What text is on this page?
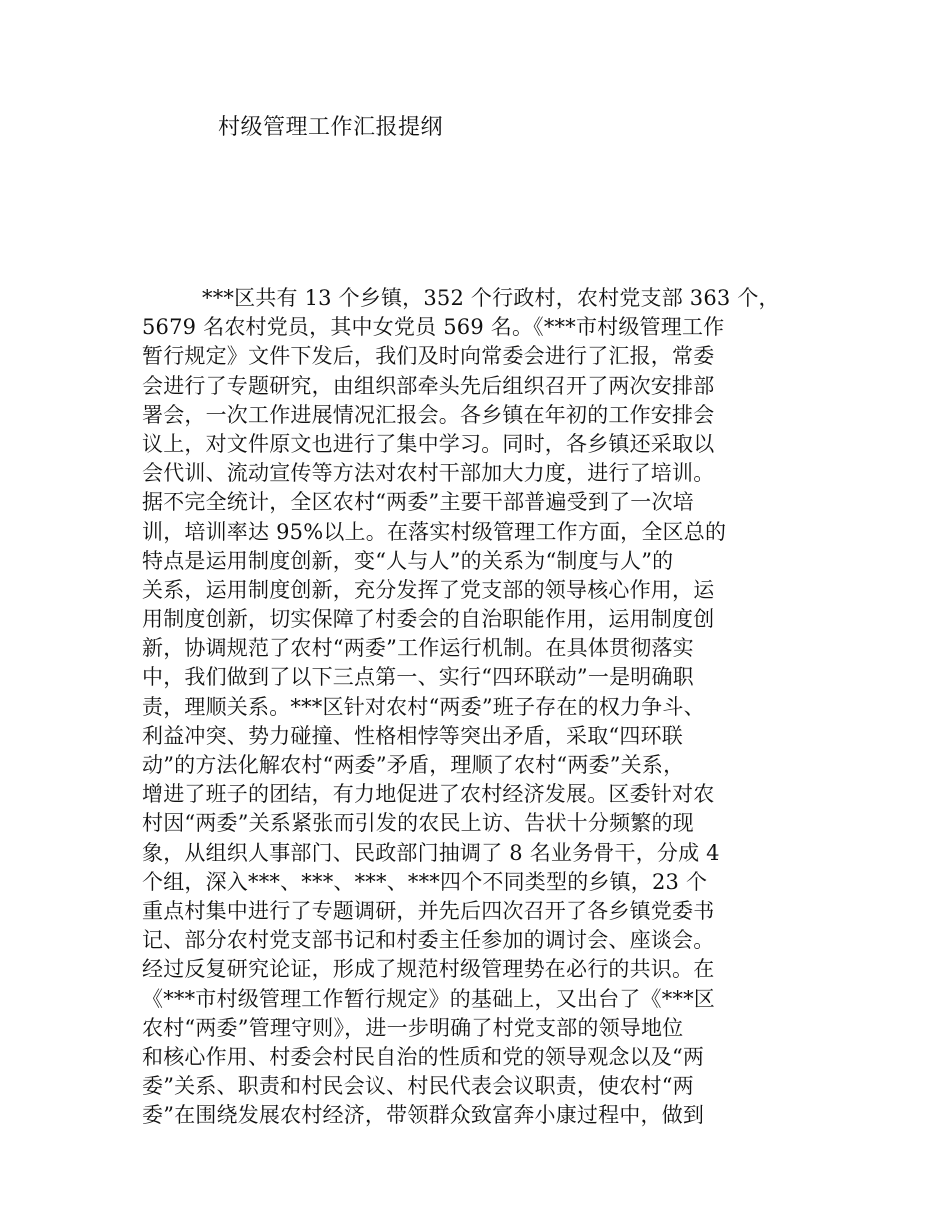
村级管理工作汇报提纲
***区共有 13 个乡镇，352 个行政村，农村党支部 363 个，
5679 名农村党员，其中女党员 569 名。《***市村级管理工作
暂行规定》文件下发后，我们及时向常委会进行了汇报，常委
会进行了专题研究，由组织部牵头先后组织召开了两次安排部
署会，一次工作进展情况汇报会。各乡镇在年初的工作安排会
议上，对文件原文也进行了集中学习。同时，各乡镇还采取以
会代训、流动宣传等方法对农村干部加大力度，进行了培训。
据不完全统计，全区农村“两委”主要干部普遍受到了一次培
训，培训率达 95%以上。在落实村级管理工作方面，全区总的
特点是运用制度创新，变“人与人”的关系为“制度与人”的
关系，运用制度创新，充分发挥了党支部的领导核心作用，运
用制度创新，切实保障了村委会的自治职能作用，运用制度创
新，协调规范了农村“两委”工作运行机制。在具体贯彻落实
中，我们做到了以下三点第一、实行“四环联动”一是明确职
责，理顺关系。***区针对农村“两委”班子存在的权力争斗、
利益冲突、势力碰撞、性格相悖等突出矛盾，采取“四环联
动”的方法化解农村“两委”矛盾，理顺了农村“两委”关系，
增进了班子的团结，有力地促进了农村经济发展。区委针对农
村因“两委”关系紧张而引发的农民上访、告状十分频繁的现
象，从组织人事部门、民政部门抽调了 8 名业务骨干，分成 4
个组，深入***、***、***、***四个不同类型的乡镇，23 个
重点村集中进行了专题调研，并先后四次召开了各乡镇党委书
记、部分农村党支部书记和村委主任参加的调讨会、座谈会。
经过反复研究论证，形成了规范村级管理势在必行的共识。在
《***市村级管理工作暂行规定》的基础上，又出台了《***区
农村“两委”管理守则》，进一步明确了村党支部的领导地位
和核心作用、村委会村民自治的性质和党的领导观念以及“两
委”关系、职责和村民会议、村民代表会议职责，使农村“两
委”在围绕发展农村经济，带领群众致富奔小康过程中，做到
